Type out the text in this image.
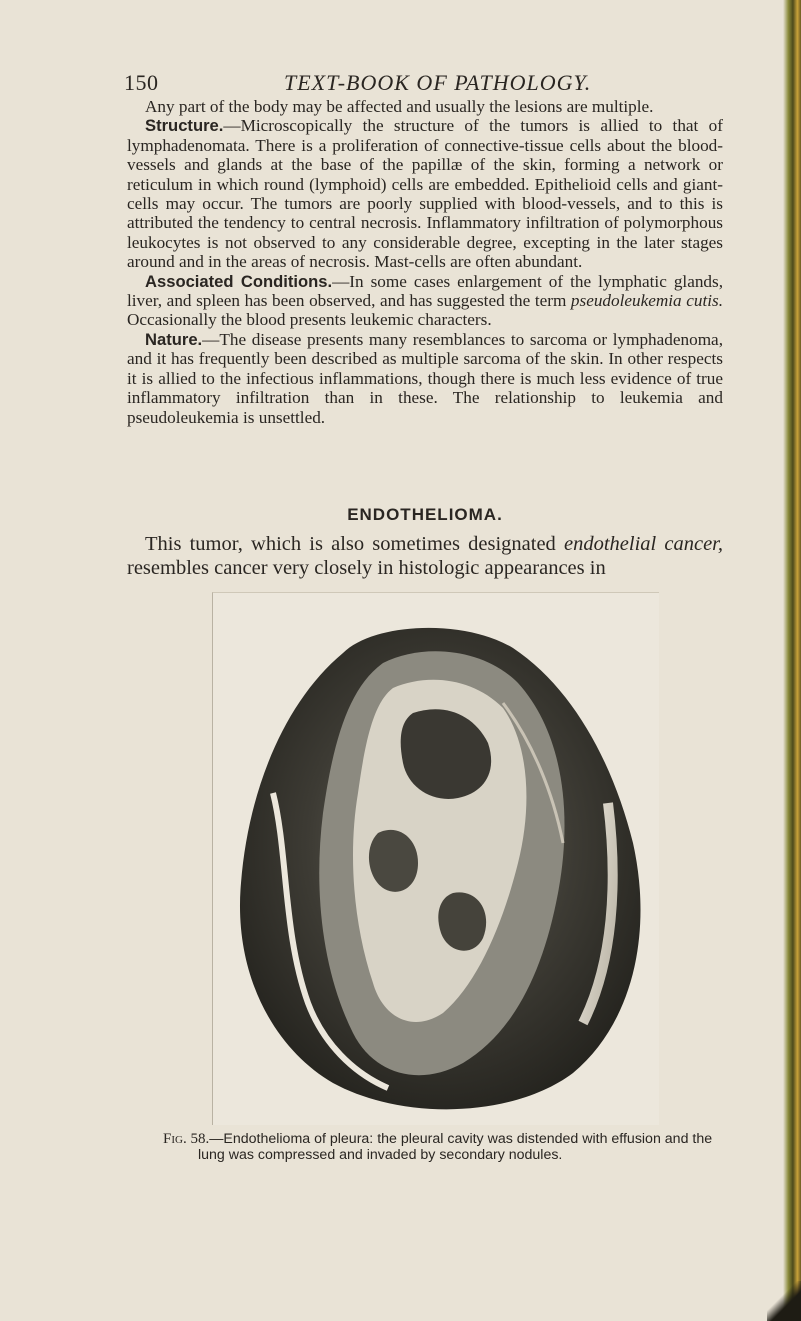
150	TEXT-BOOK OF PATHOLOGY.

Any part of the body may be affected and usually the lesions are multiple.

Structure.—Microscopically the structure of the tumors is allied to that of lymphadenomata. There is a proliferation of connective-tissue cells about the blood-vessels and glands at the base of the papillæ of the skin, forming a network or reticulum in which round (lymphoid) cells are embedded. Epithelioid cells and giant-cells may occur. The tumors are poorly supplied with blood-vessels, and to this is attributed the tendency to central necrosis. Inflammatory infiltration of polymorphous leukocytes is not observed to any considerable degree, excepting in the later stages around and in the areas of necrosis. Mast-cells are often abundant.

Associated Conditions.—In some cases enlargement of the lymphatic glands, liver, and spleen has been observed, and has suggested the term pseudoleukemia cutis. Occasionally the blood presents leukemic characters.

Nature.—The disease presents many resemblances to sarcoma or lymphadenoma, and it has frequently been described as multiple sarcoma of the skin. In other respects it is allied to the infectious inflammations, though there is much less evidence of true inflammatory infiltration than in these. The relationship to leukemia and pseudoleukemia is unsettled.

ENDOTHELIOMA.
This tumor, which is also sometimes designated endothelial cancer, resembles cancer very closely in histologic appearances in
Fig. 58.—Endothelioma of pleura: the pleural cavity was distended with effusion and the
lung was compressed and invaded by secondary nodules.
